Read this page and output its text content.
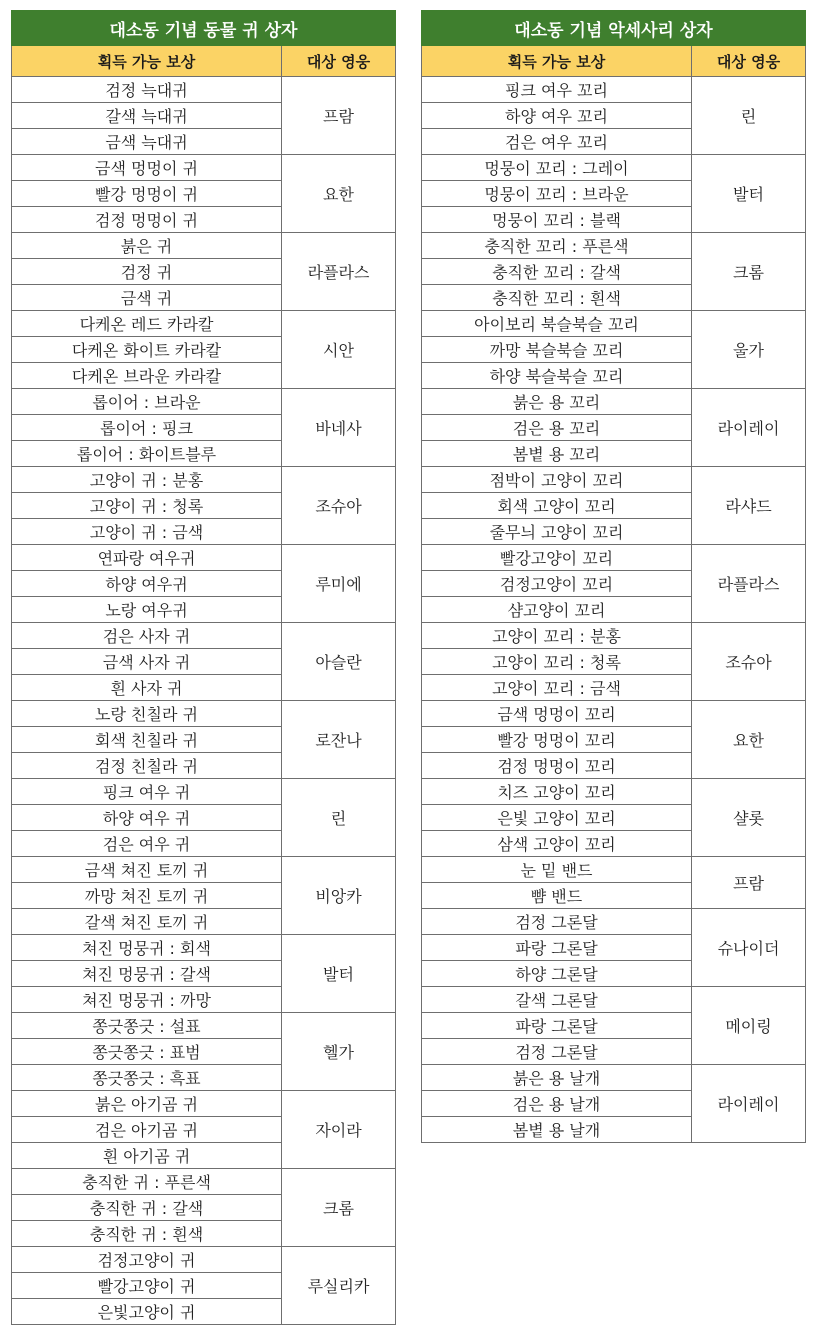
대소동 기념 동물 귀 상자	
획득 가능 보상	대상 영웅
검정 늑대귀	프람
갈색 늑대귀	
금색 늑대귀	
금색 멍멍이 귀	요한
빨강 멍멍이 귀	
검정 멍멍이 귀	
붉은 귀	라플라스
검정 귀	
금색 귀	
다케온 레드 카라칼	시안
다케온 화이트 카라칼	
다케온 브라운 카라칼	
롭이어 : 브라운	바네사
롭이어 : 핑크	
롭이어 : 화이트블루	
고양이 귀 : 분홍	조슈아
고양이 귀 : 청록	
고양이 귀 : 금색	
연파랑 여우귀	루미에
하양 여우귀	
노랑 여우귀	
검은 사자 귀	아슬란
금색 사자 귀	
흰 사자 귀	
노랑 친칠라 귀	로잔나
회색 친칠라 귀	
검정 친칠라 귀	
핑크 여우 귀	린
하양 여우 귀	
검은 여우 귀	
금색 쳐진 토끼 귀	비앙카
까망 쳐진 토끼 귀	
갈색 쳐진 토끼 귀	
쳐진 멍뭉귀 : 회색	발터
쳐진 멍뭉귀 : 갈색	
쳐진 멍뭉귀 : 까망	
쫑긋쫑긋 : 설표	헬가
쫑긋쫑긋 : 표범	
쫑긋쫑긋 : 흑표	
붉은 아기곰 귀	자이라
검은 아기곰 귀	
흰 아기곰 귀	
충직한 귀 : 푸른색	크롬
충직한 귀 : 갈색	
충직한 귀 : 흰색	
검정고양이 귀	루실리카
빨강고양이 귀	
은빛고양이 귀	
대소동 기념 악세사리 상자	
획득 가능 보상	대상 영웅
핑크 여우 꼬리	린
하양 여우 꼬리	
검은 여우 꼬리	
멍뭉이 꼬리 : 그레이	발터
멍뭉이 꼬리 : 브라운	
멍뭉이 꼬리 : 블랙	
충직한 꼬리 : 푸른색	크롬
충직한 꼬리 : 갈색	
충직한 꼬리 : 흰색	
아이보리 북슬북슬 꼬리	울가
까망 북슬북슬 꼬리	
하양 북슬북슬 꼬리	
붉은 용 꼬리	라이레이
검은 용 꼬리	
봄볕 용 꼬리	
점박이 고양이 꼬리	라샤드
회색 고양이 꼬리	
줄무늬 고양이 꼬리	
빨강고양이 꼬리	라플라스
검정고양이 꼬리	
샴고양이 꼬리	
고양이 꼬리 : 분홍	조슈아
고양이 꼬리 : 청록	
고양이 꼬리 : 금색	
금색 멍멍이 꼬리	요한
빨강 멍멍이 꼬리	
검정 멍멍이 꼬리	
치즈 고양이 꼬리	샬롯
은빛 고양이 꼬리	
삼색 고양이 꼬리	
눈 밑 밴드	프람
뺨 밴드	
검정 그론달	슈나이더
파랑 그론달	
하양 그론달	
갈색 그론달	메이링
파랑 그론달	
검정 그론달	
붉은 용 날개	라이레이
검은 용 날개	
봄볕 용 날개	
